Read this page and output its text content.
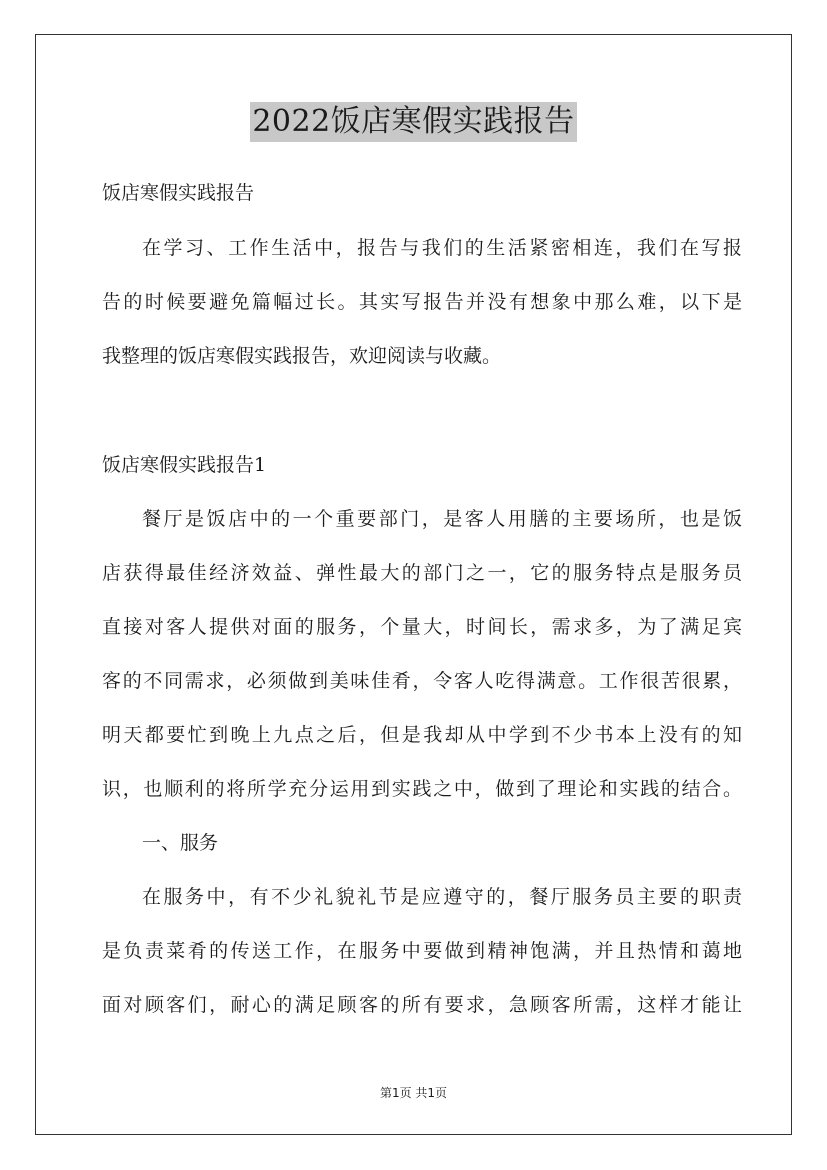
2022饭店寒假实践报告
饭店寒假实践报告
在学习、工作生活中，报告与我们的生活紧密相连，我们在写报
告的时候要避免篇幅过长。其实写报告并没有想象中那么难，以下是
我整理的饭店寒假实践报告，欢迎阅读与收藏。
饭店寒假实践报告1
餐厅是饭店中的一个重要部门，是客人用膳的主要场所，也是饭
店获得最佳经济效益、弹性最大的部门之一，它的服务特点是服务员
直接对客人提供对面的服务，个量大，时间长，需求多，为了满足宾
客的不同需求，必须做到美味佳肴，令客人吃得满意。工作很苦很累，
明天都要忙到晚上九点之后，但是我却从中学到不少书本上没有的知
识，也顺利的将所学充分运用到实践之中，做到了理论和实践的结合。
一、服务
在服务中，有不少礼貌礼节是应遵守的，餐厅服务员主要的职责
是负责菜肴的传送工作，在服务中要做到精神饱满，并且热情和蔼地
面对顾客们，耐心的满足顾客的所有要求，急顾客所需，这样才能让
第1页 共1页
